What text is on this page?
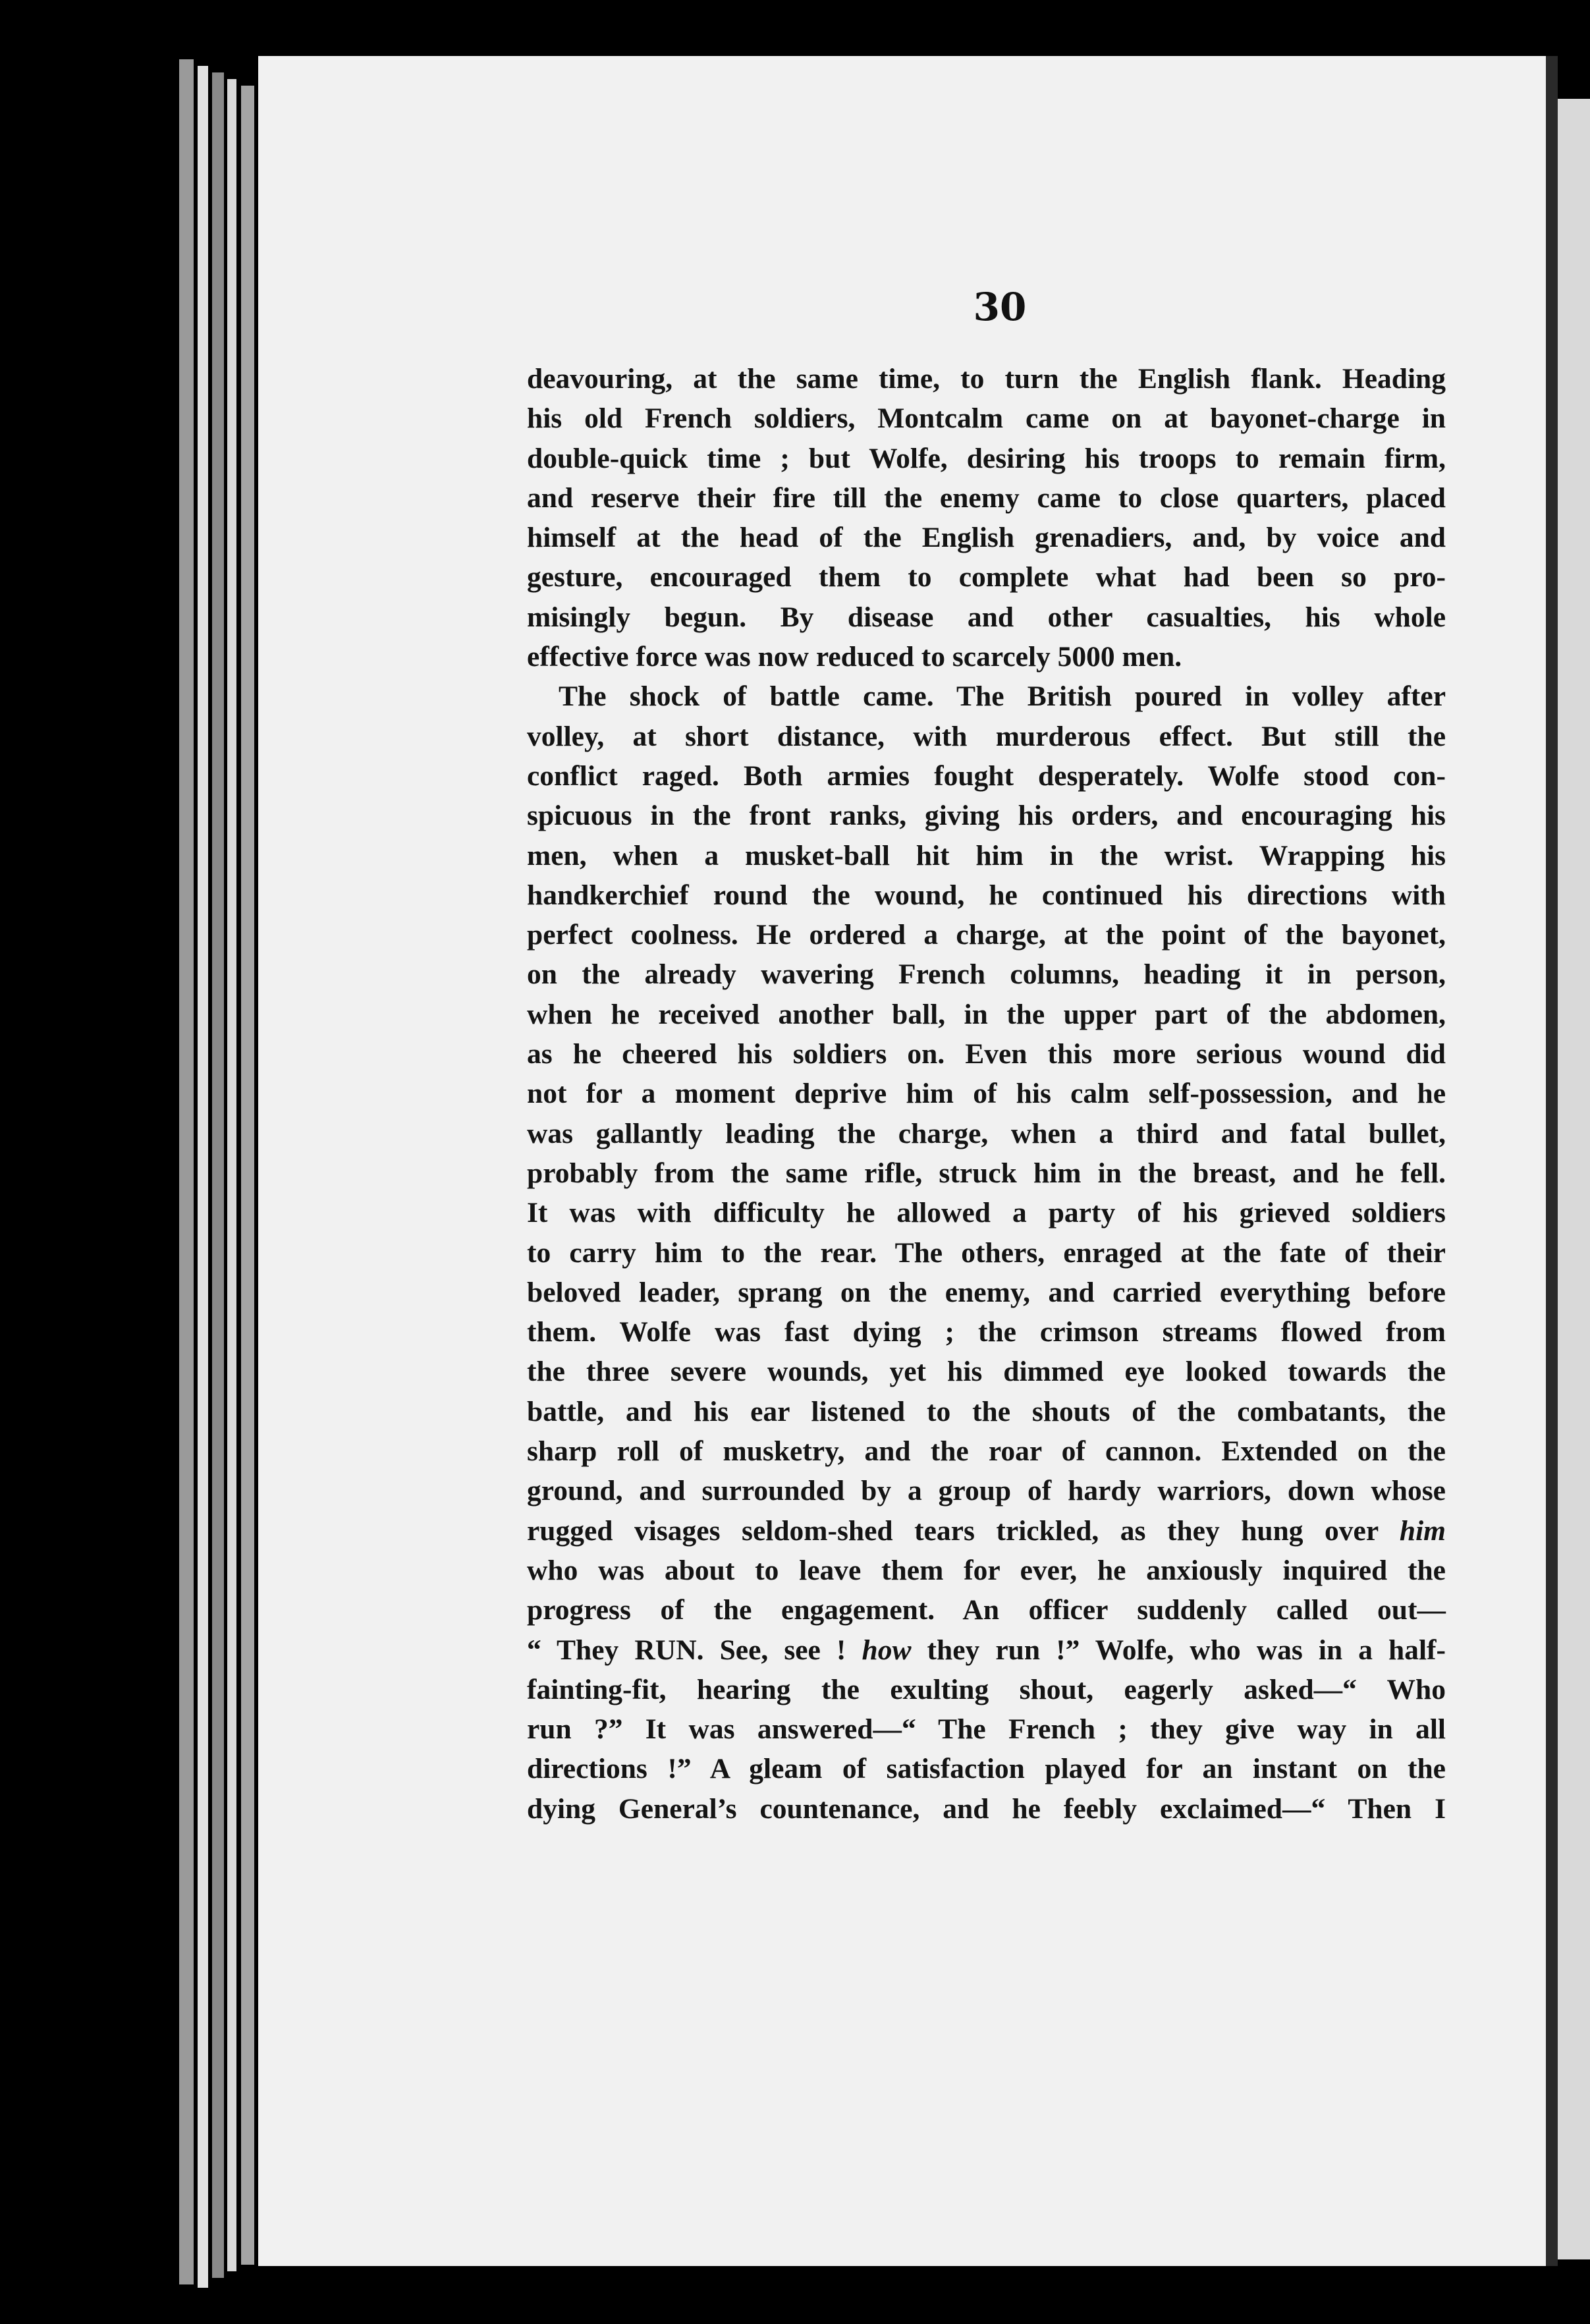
30
deavouring, at the same time, to turn the English flank. Heading
his old French soldiers, Montcalm came on at bayonet-charge in
double-quick time ; but Wolfe, desiring his troops to remain firm,
and reserve their fire till the enemy came to close quarters, placed
himself at the head of the English grenadiers, and, by voice and
gesture, encouraged them to complete what had been so pro-
misingly begun. By disease and other casualties, his whole
effective force was now reduced to scarcely 5000 men.
The shock of battle came. The British poured in volley after
volley, at short distance, with murderous effect. But still the
conflict raged. Both armies fought desperately. Wolfe stood con-
spicuous in the front ranks, giving his orders, and encouraging his
men, when a musket-ball hit him in the wrist. Wrapping his
handkerchief round the wound, he continued his directions with
perfect coolness. He ordered a charge, at the point of the bayonet,
on the already wavering French columns, heading it in person,
when he received another ball, in the upper part of the abdomen,
as he cheered his soldiers on. Even this more serious wound did
not for a moment deprive him of his calm self-possession, and he
was gallantly leading the charge, when a third and fatal bullet,
probably from the same rifle, struck him in the breast, and he fell.
It was with difficulty he allowed a party of his grieved soldiers
to carry him to the rear. The others, enraged at the fate of their
beloved leader, sprang on the enemy, and carried everything before
them. Wolfe was fast dying ; the crimson streams flowed from
the three severe wounds, yet his dimmed eye looked towards the
battle, and his ear listened to the shouts of the combatants, the
sharp roll of musketry, and the roar of cannon. Extended on the
ground, and surrounded by a group of hardy warriors, down whose
rugged visages seldom-shed tears trickled, as they hung over him
who was about to leave them for ever, he anxiously inquired the
progress of the engagement. An officer suddenly called out—
“ They RUN. See, see ! how they run !” Wolfe, who was in a half-
fainting-fit, hearing the exulting shout, eagerly asked—“ Who
run ?” It was answered—“ The French ; they give way in all
directions !” A gleam of satisfaction played for an instant on the
dying General’s countenance, and he feebly exclaimed—“ Then I
